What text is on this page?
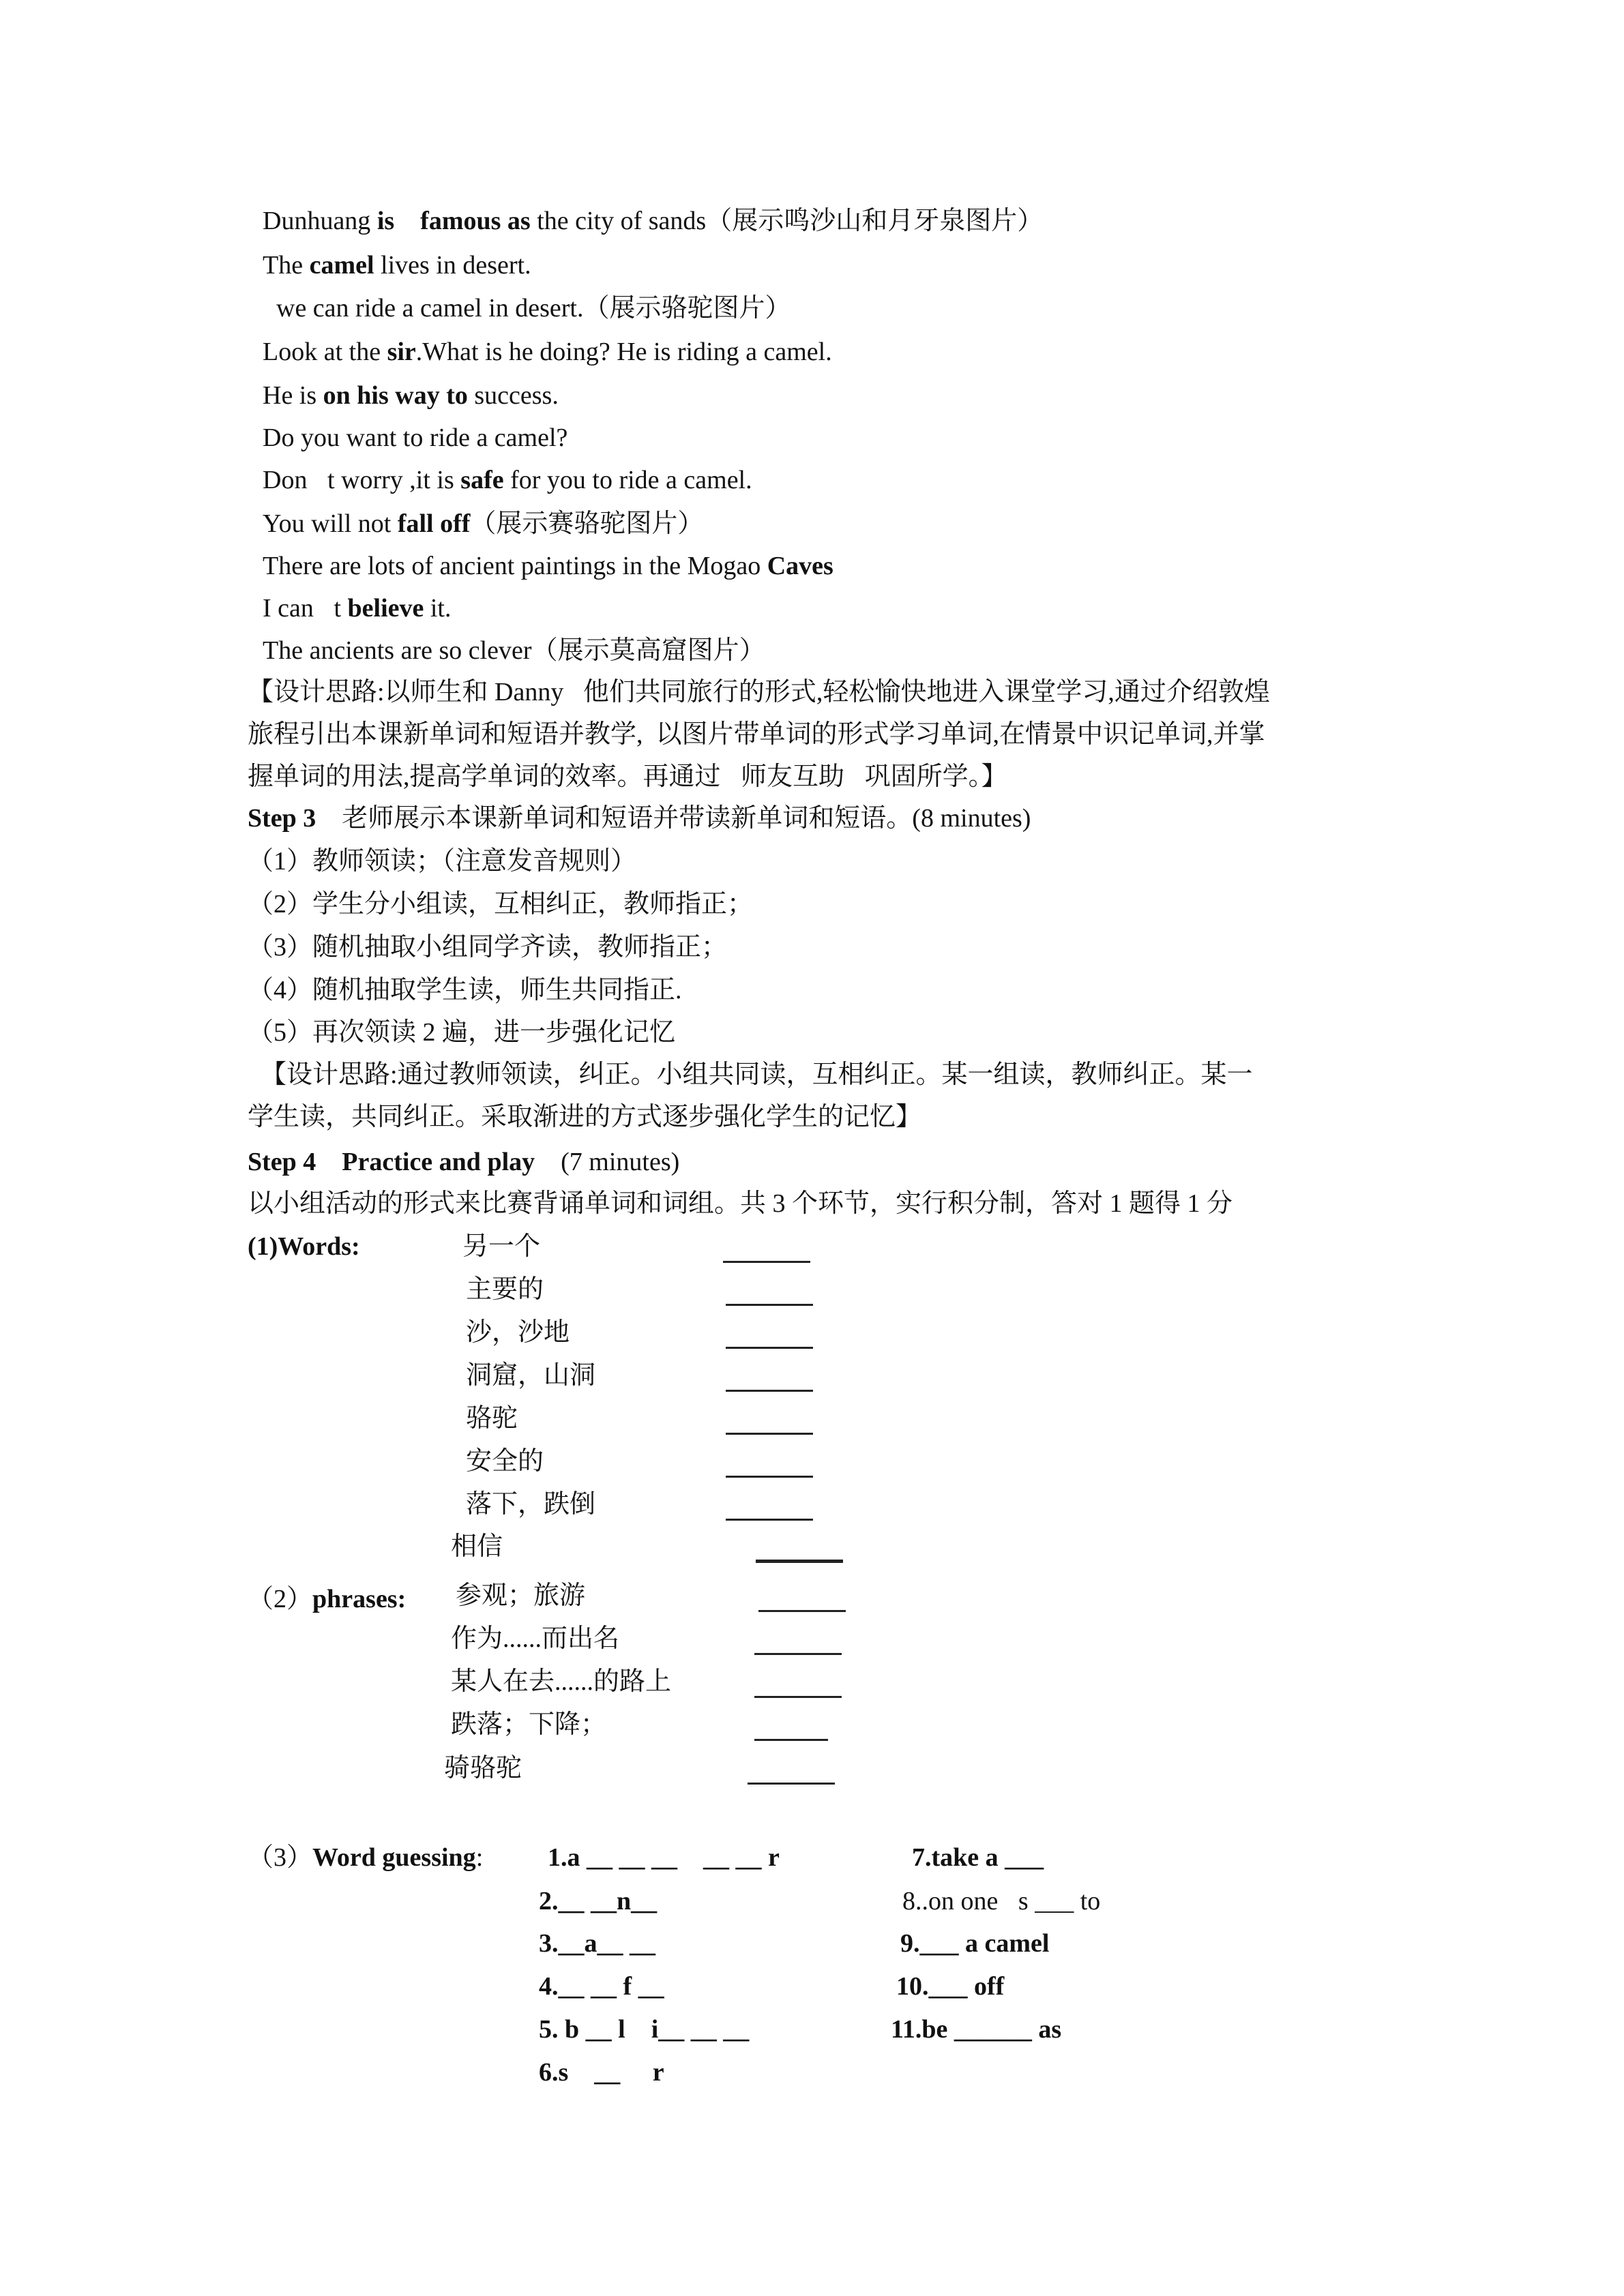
Dunhuang is    famous as the city of sands（展示鸣沙山和月牙泉图片）
The camel lives in desert.
we can ride a camel in desert.（展示骆驼图片）
Look at the sir.What is he doing? He is riding a camel.
He is on his way to success.
Do you want to ride a camel?
Don t worry ,it is safe for you to ride a camel.
You will not fall off（展示赛骆驼图片）
There are lots of ancient paintings in the Mogao Caves
I can t believe it.
The ancients are so clever（展示莫高窟图片）
【设计思路:以师生和 Danny   他们共同旅行的形式,轻松愉快地进入课堂学习,通过介绍敦煌
旅程引出本课新单词和短语并教学,  以图片带单词的形式学习单词,在情景中识记单词,并掌
握单词的用法,提高学单词的效率。再通过 师友互助 巩固所学。】
Step 3    老师展示本课新单词和短语并带读新单词和短语。(8 minutes)
（1）教师领读；（注意发音规则）
（2）学生分小组读，互相纠正，教师指正；
（3）随机抽取小组同学齐读，教师指正；
（4）随机抽取学生读，师生共同指正.
（5）再次领读 2 遍，进一步强化记忆
【设计思路:通过教师领读，纠正。小组共同读，互相纠正。某一组读，教师纠正。某一
学生读，共同纠正。采取渐进的方式逐步强化学生的记忆】
Step 4    Practice and play    (7 minutes)
以小组活动的形式来比赛背诵单词和词组。共 3 个环节，实行积分制，答对 1 题得 1 分
(1)Words:	另一个
主要的
沙，沙地
洞窟，山洞
骆驼
安全的
落下，跌倒
相信
（2）phrases: 参观；旅游
作为......而出名
某人在去......的路上
跌落；下降；
骑骆驼
（3）Word guessing: 1.a __ __ __    __ __ r
2.__ __n__
3.__a__ __
4.__ __ f __
5. b __ l    i__ __ __
6.s    __     r
7.take a ___
8..on one s ___ to
9.___ a camel
10.___ off
11.be ______ as
